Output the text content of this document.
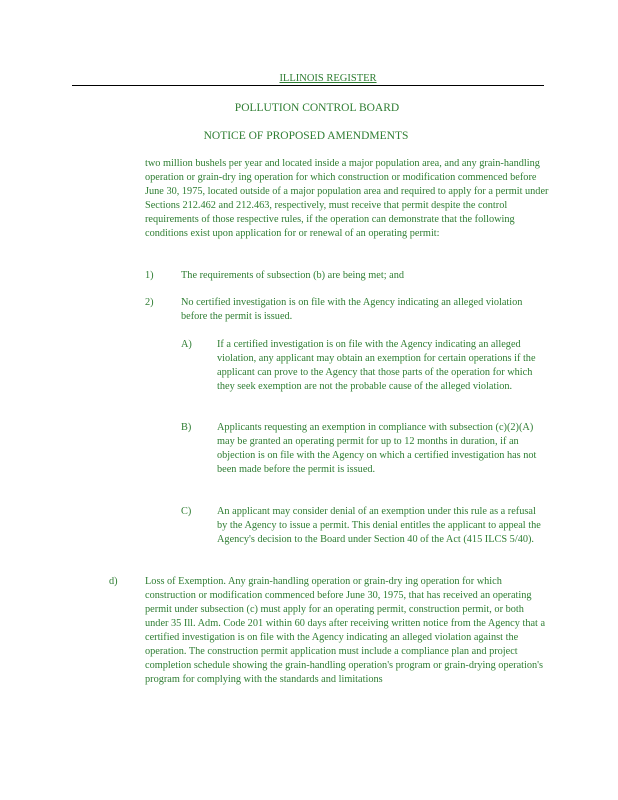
ILLINOIS REGISTER
POLLUTION CONTROL BOARD
NOTICE OF PROPOSED AMENDMENTS

two million bushels per year and located inside a major population area, and any grain-handling operation or grain-dry ing operation for which construction or modification commenced before June 30, 1975, located outside of a major population area and required to apply for a permit under Sections 212.462 and 212.463, respectively, must receive that permit despite the control requirements of those respective rules, if the operation can demonstrate that the following conditions exist upon application for or renewal of an operating permit:

1)	The requirements of subsection (b) are being met; and

2)	No certified investigation is on file with the Agency indicating an alleged violation before the permit is issued.

A) If a certified investigation is on file with the Agency indicating an alleged violation, any applicant may obtain an exemption for certain operations if the applicant can prove to the Agency that those parts of the operation for which they seek exemption are not the probable cause of the alleged violation.

B) Applicants requesting an exemption in compliance with subsection (c)(2)(A) may be granted an operating permit for up to 12 months in duration, if an objection is on file with the Agency on which a certified investigation has not been made before the permit is issued.

C) An applicant may consider denial of an exemption under this rule as a refusal by the Agency to issue a permit. This denial entitles the applicant to appeal the Agency's decision to the Board under Section 40 of the Act (415 ILCS 5/40).

d)	Loss of Exemption. Any grain-handling operation or grain-dry ing operation for which construction or modification commenced before June 30, 1975, that has received an operating permit under subsection (c) must apply for an operating permit, construction permit, or both under 35 Ill. Adm. Code 201 within 60 days after receiving written notice from the Agency that a certified investigation is on file with the Agency indicating an alleged violation against the operation. The construction permit application must include a compliance plan and project completion schedule showing the grain-handling operation's program or grain-drying operation's program for complying with the standards and limitations
